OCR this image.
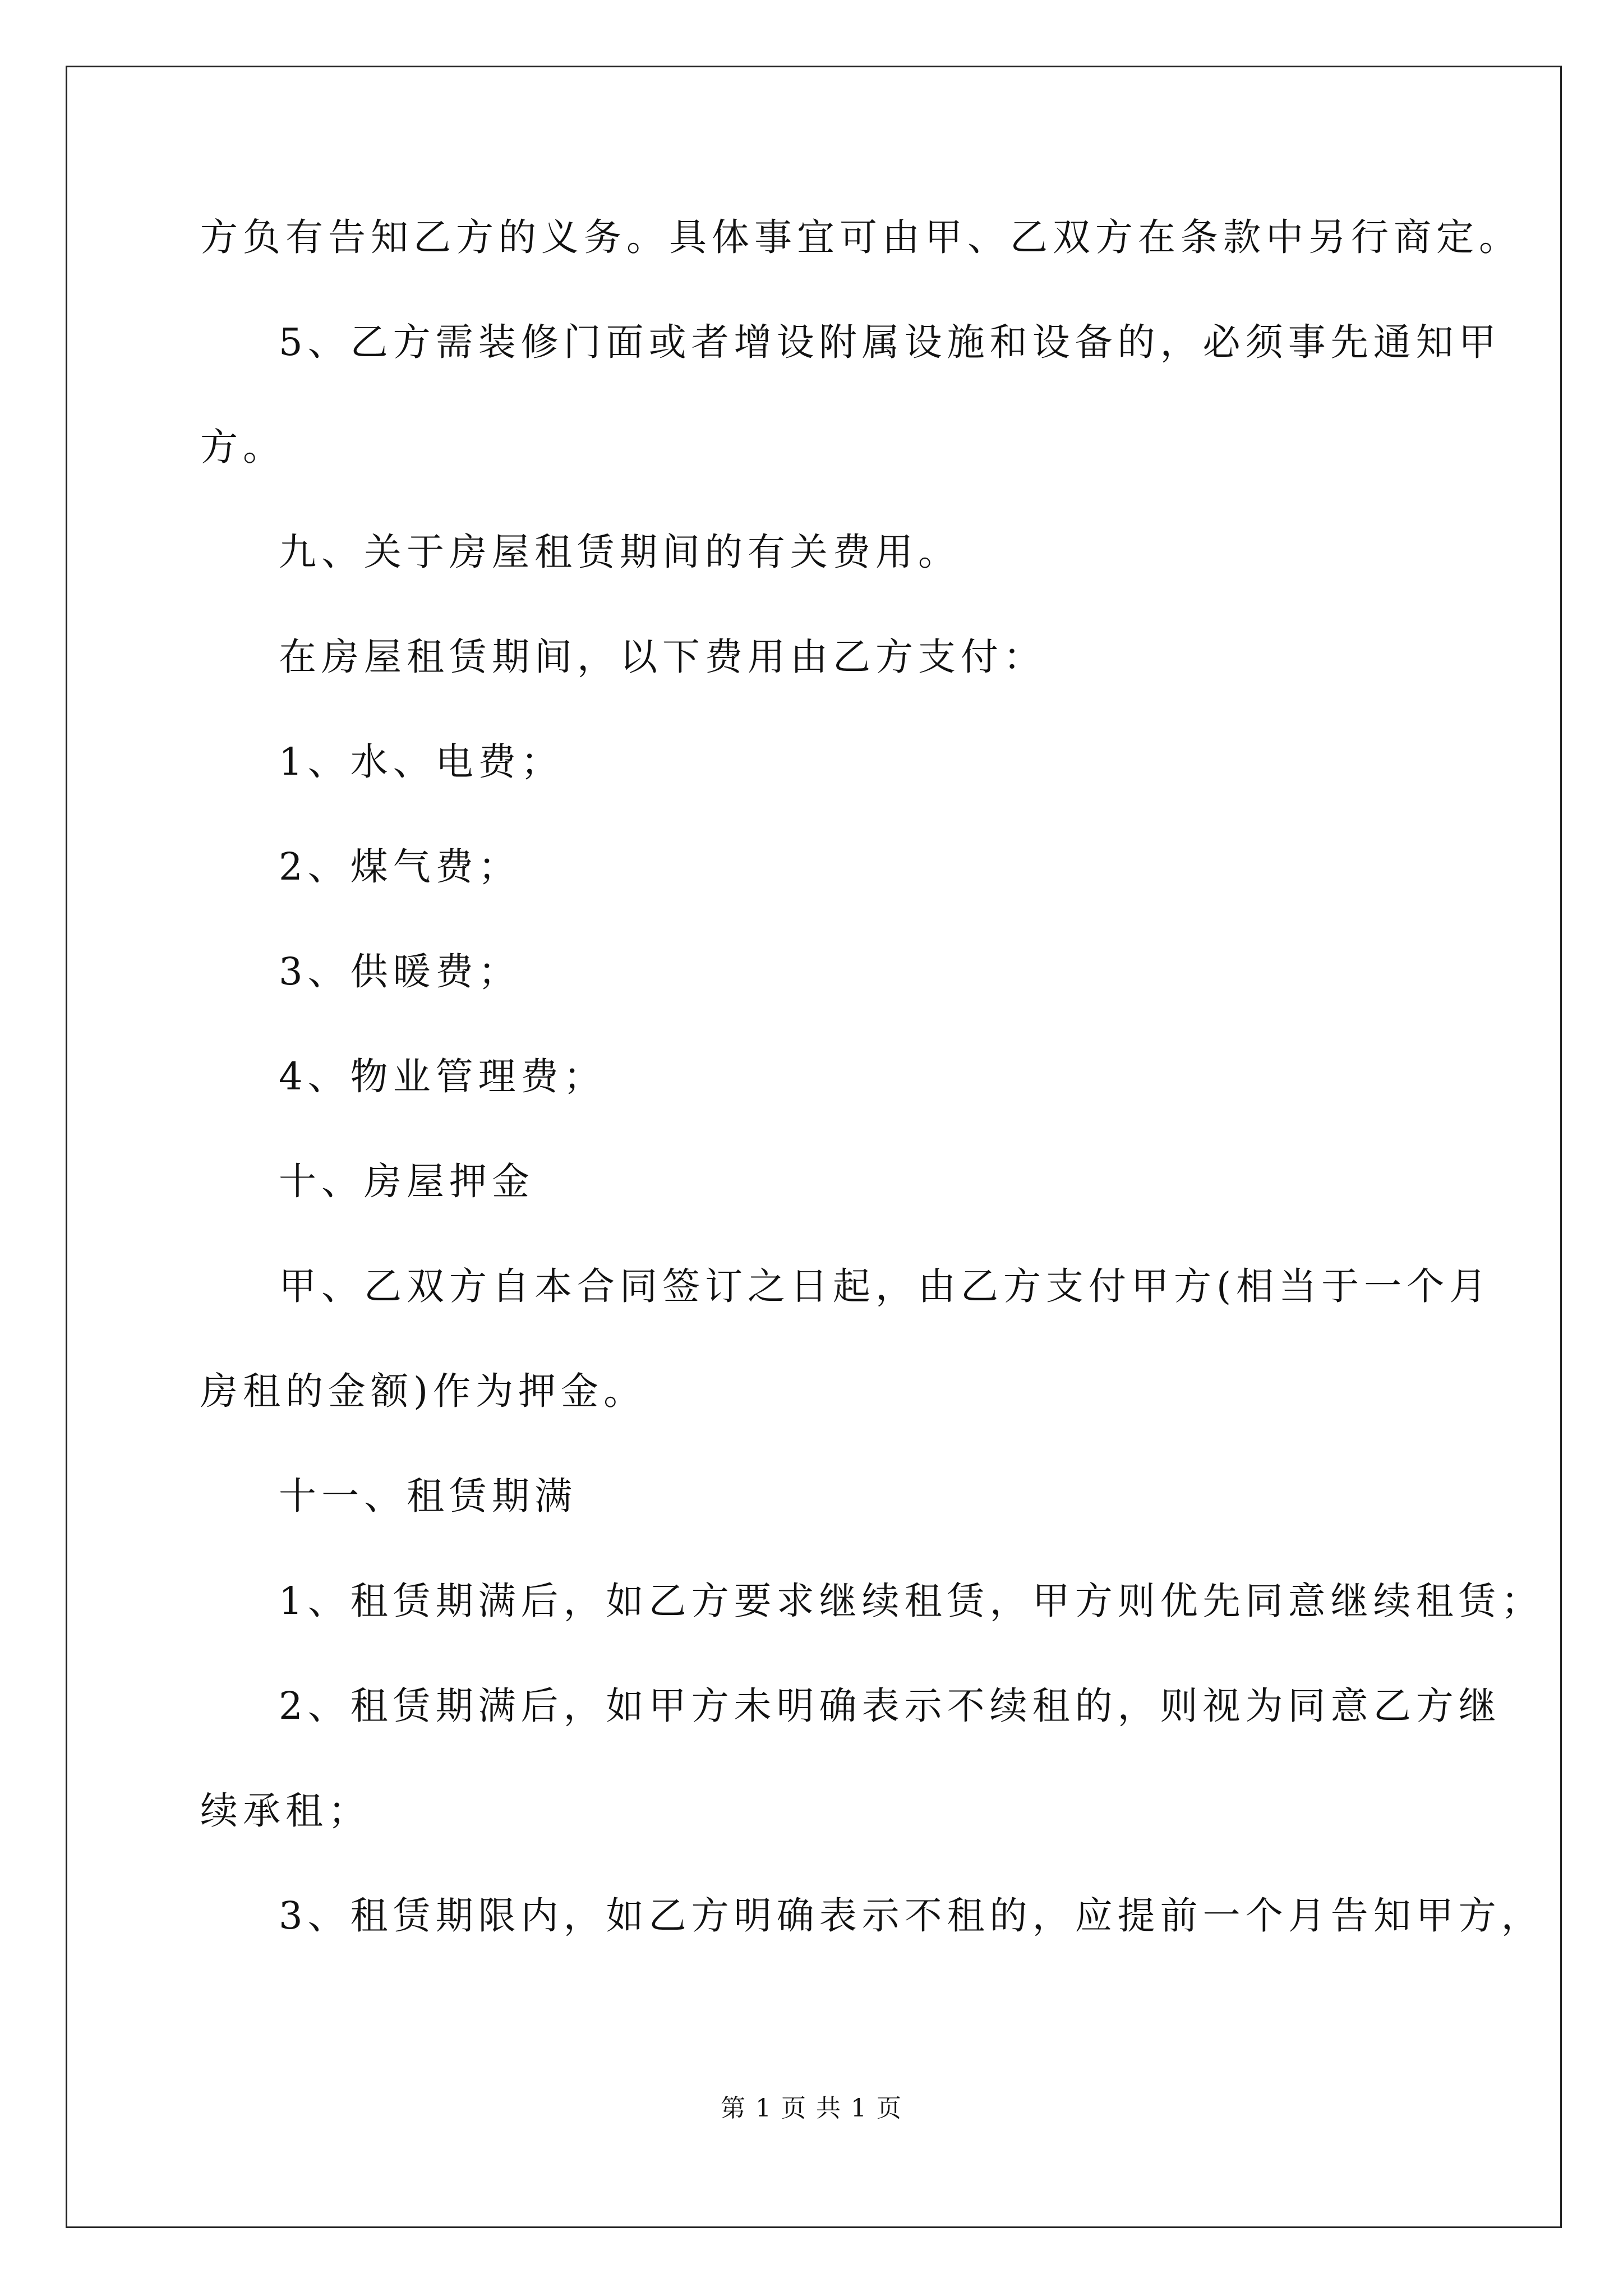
方负有告知乙方的义务。具体事宜可由甲、乙双方在条款中另行商定。
5、乙方需装修门面或者增设附属设施和设备的，必须事先通知甲
方。
九、关于房屋租赁期间的有关费用。
在房屋租赁期间，以下费用由乙方支付：
1、水、电费；
2、煤气费；
3、供暖费；
4、物业管理费；
十、房屋押金
甲、乙双方自本合同签订之日起，由乙方支付甲方(相当于一个月
房租的金额)作为押金。
十一、租赁期满
1、租赁期满后，如乙方要求继续租赁，甲方则优先同意继续租赁；
2、租赁期满后，如甲方未明确表示不续租的，则视为同意乙方继
续承租；
3、租赁期限内，如乙方明确表示不租的，应提前一个月告知甲方，
第 1 页 共 1 页
